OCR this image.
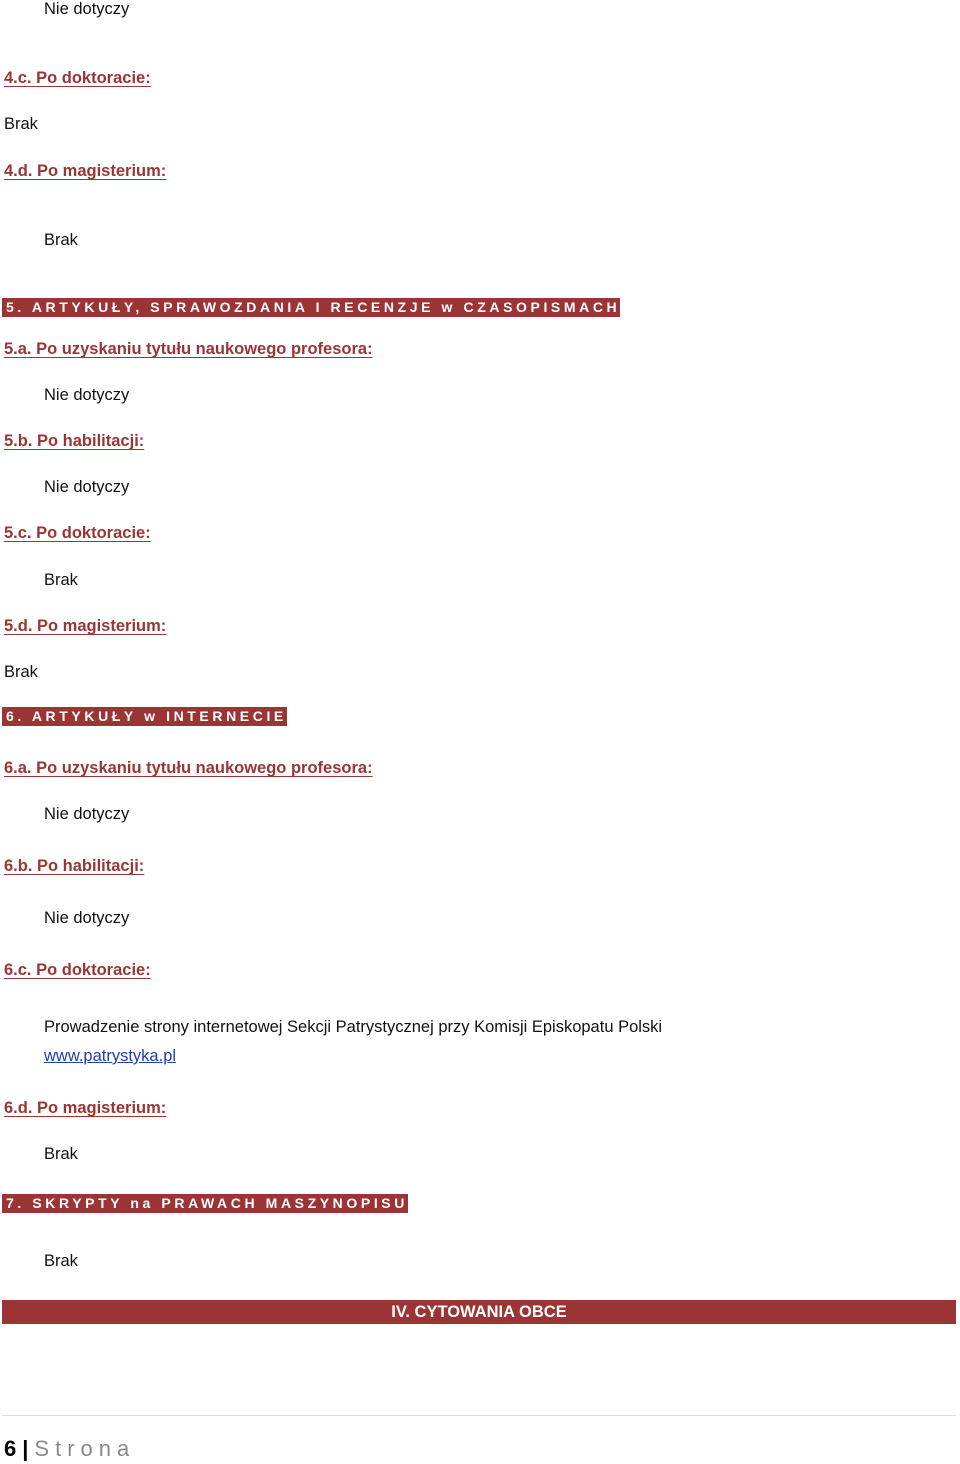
Nie dotyczy
4.c. Po doktoracie:
Brak
4.d. Po magisterium:
Brak
5. ARTYKUŁY, SPRAWOZDANIA I RECENZJE w CZASOPISMACH
5.a. Po uzyskaniu tytułu naukowego profesora:
Nie dotyczy
5.b. Po habilitacji:
Nie dotyczy
5.c. Po doktoracie:
Brak
5.d. Po magisterium:
Brak
6. ARTYKUŁY w INTERNECIE
6.a. Po uzyskaniu tytułu naukowego profesora:
Nie dotyczy
6.b. Po habilitacji:
Nie dotyczy
6.c. Po doktoracie:
Prowadzenie strony internetowej Sekcji Patrystycznej przy Komisji Episkopatu Polski
www.patrystyka.pl
6.d. Po magisterium:
Brak
7. SKRYPTY na PRAWACH MASZYNOPISU
Brak
IV. CYTOWANIA OBCE
6 | Strona
